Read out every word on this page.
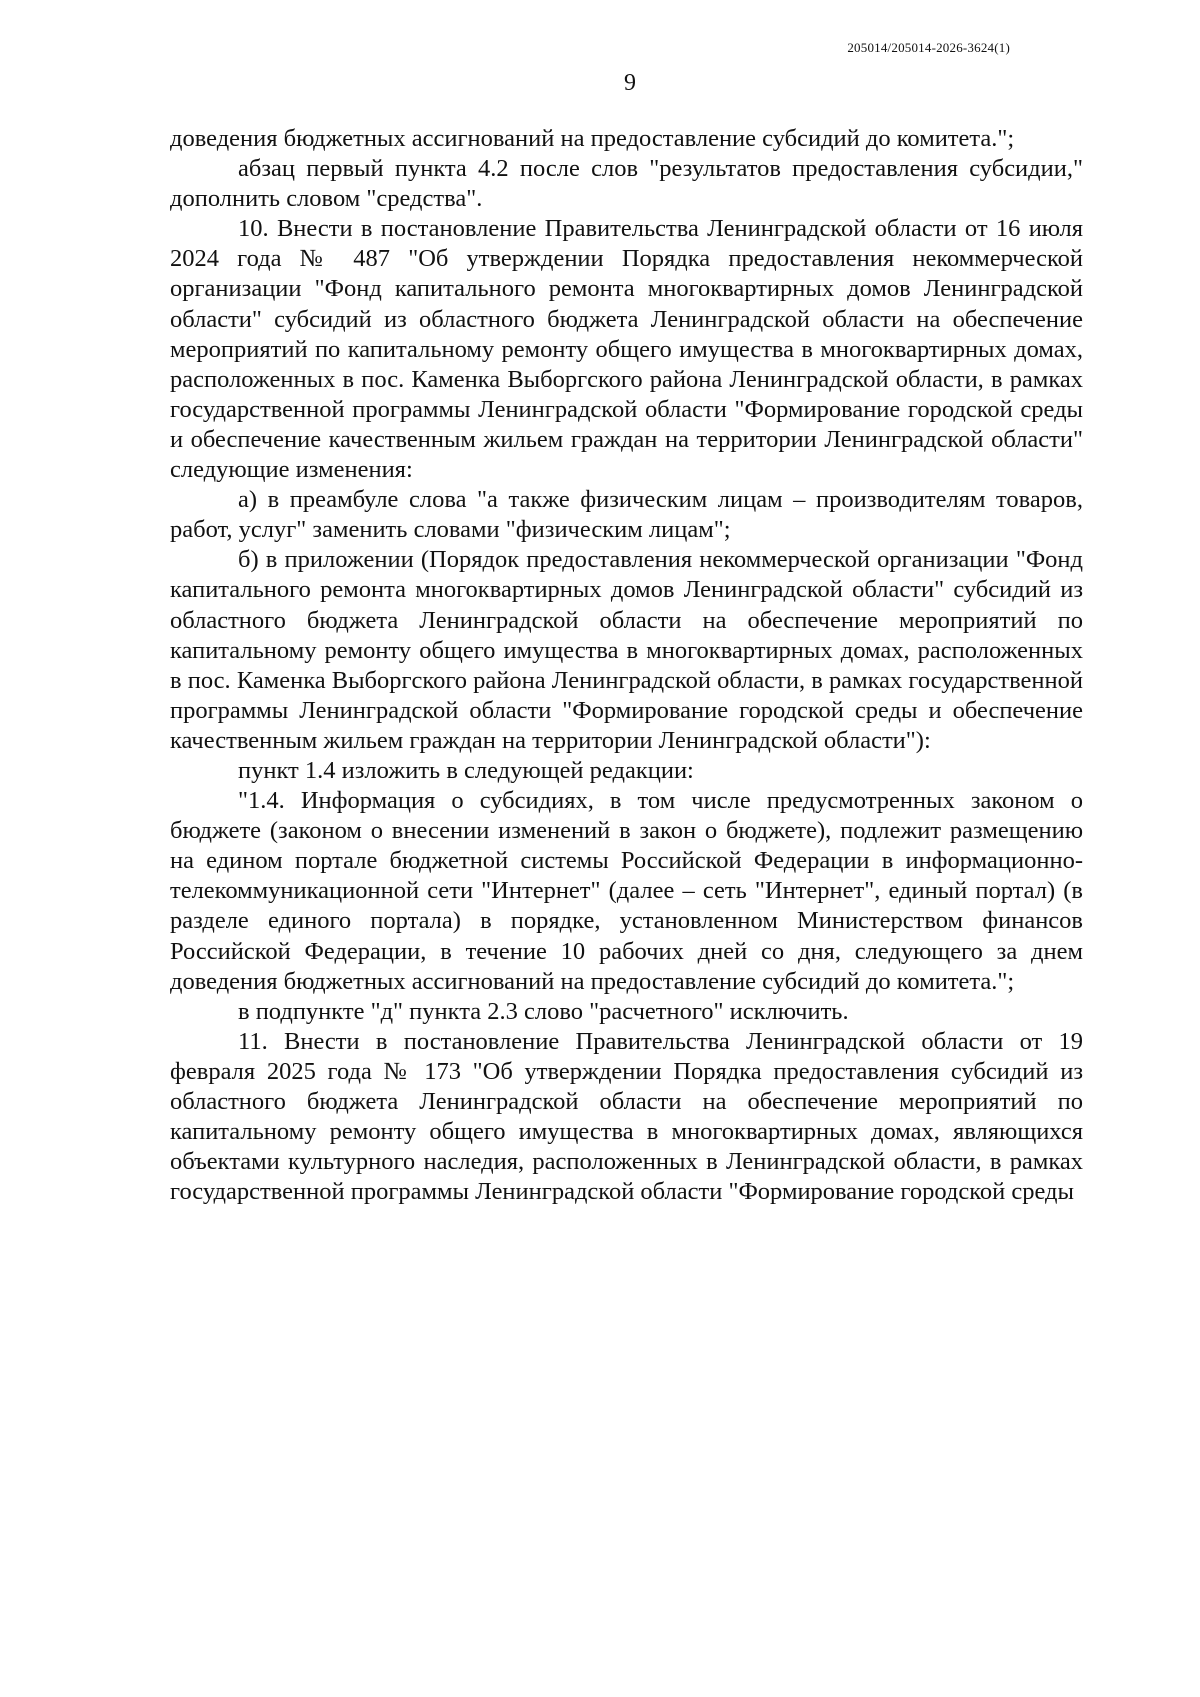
205014/205014-2026-3624(1)
9

доведения бюджетных ассигнований на предоставление субсидий до комитета.";

абзац первый пункта 4.2 после слов "результатов предоставления субсидии," дополнить словом "средства".

10. Внести в постановление Правительства Ленинградской области от 16 июля 2024 года № 487 "Об утверждении Порядка предоставления некоммерческой организации "Фонд капитального ремонта многоквартирных домов Ленинградской области" субсидий из областного бюджета Ленинградской области на обеспечение мероприятий по капитальному ремонту общего имущества в многоквартирных домах, расположенных в пос. Каменка Выборгского района Ленинградской области, в рамках государственной программы Ленинградской области "Формирование городской среды и обеспечение качественным жильем граждан на территории Ленинградской области" следующие изменения:

а) в преамбуле слова "а также физическим лицам – производителям товаров, работ, услуг" заменить словами "физическим лицам";

б) в приложении (Порядок предоставления некоммерческой организации "Фонд капитального ремонта многоквартирных домов Ленинградской области" субсидий из областного бюджета Ленинградской области на обеспечение мероприятий по капитальному ремонту общего имущества в многоквартирных домах, расположенных в пос. Каменка Выборгского района Ленинградской области, в рамках государственной программы Ленинградской области "Формирование городской среды и обеспечение качественным жильем граждан на территории Ленинградской области"):

пункт 1.4 изложить в следующей редакции:

"1.4. Информация о субсидиях, в том числе предусмотренных законом о бюджете (законом о внесении изменений в закон о бюджете), подлежит размещению на едином портале бюджетной системы Российской Федерации в информационно-телекоммуникационной сети "Интернет" (далее – сеть "Интернет", единый портал) (в разделе единого портала) в порядке, установленном Министерством финансов Российской Федерации, в течение 10 рабочих дней со дня, следующего за днем доведения бюджетных ассигнований на предоставление субсидий до комитета.";

в подпункте "д" пункта 2.3 слово "расчетного" исключить.

11. Внести в постановление Правительства Ленинградской области от 19 февраля 2025 года № 173 "Об утверждении Порядка предоставления субсидий из областного бюджета Ленинградской области на обеспечение мероприятий по капитальному ремонту общего имущества в многоквартирных домах, являющихся объектами культурного наследия, расположенных в Ленинградской области, в рамках государственной программы Ленинградской области "Формирование городской среды
